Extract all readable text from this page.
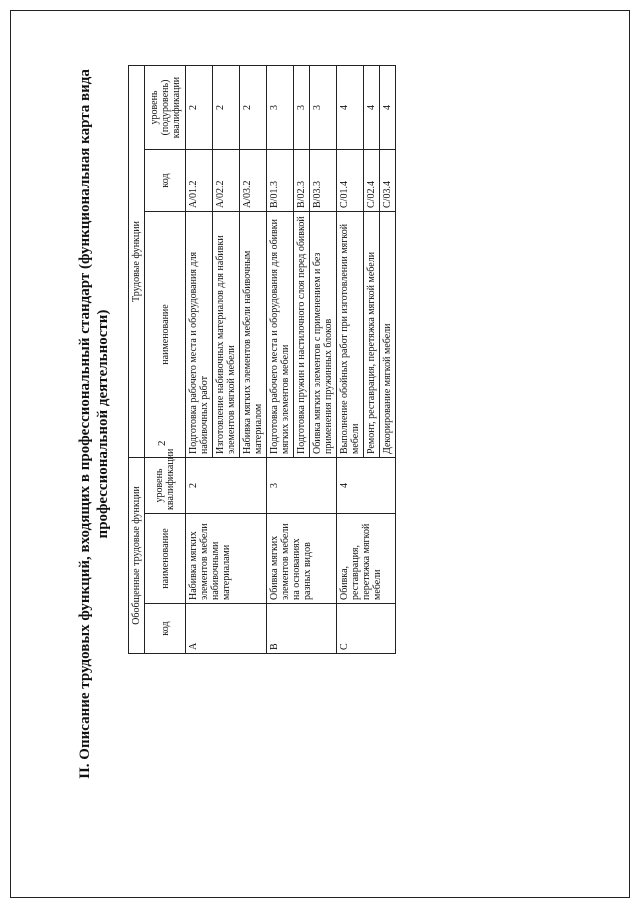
2
II. Описание трудовых функций, входящих в профессиональный стандарт (функциональная карта вида профессиональной деятельности)
Обобщенные трудовые функции			Трудовые функции		
код	наименование	уровень квалификации	наименование	код	уровень (подуровень) квалификации
A	Набивка мягких элементов мебели набивочными материалами	2	Подготовка рабочего места и оборудования для набивочных работ	A/01.2	2
			Изготовление набивочных материалов для набивки элементов мягкой мебели	A/02.2	2
			Набивка мягких элементов мебели набивочным материалом	A/03.2	2
B	Обивка мягких элементов мебели на основаниях разных видов	3	Подготовка рабочего места и оборудования для обивки мягких элементов мебели	B/01.3	3
			Подготовка пружин и настилочного слоя перед обивкой	B/02.3	3
			Обивка мягких элементов с применением и без применения пружинных блоков	B/03.3	3
C	Обивка, реставрация, перетяжка мягкой мебели	4	Выполнение обойных работ при изготовлении мягкой мебели	C/01.4	4
			Ремонт, реставрация, перетяжка мягкой мебели	C/02.4	4
			Декорирование мягкой мебели	C/03.4	4
